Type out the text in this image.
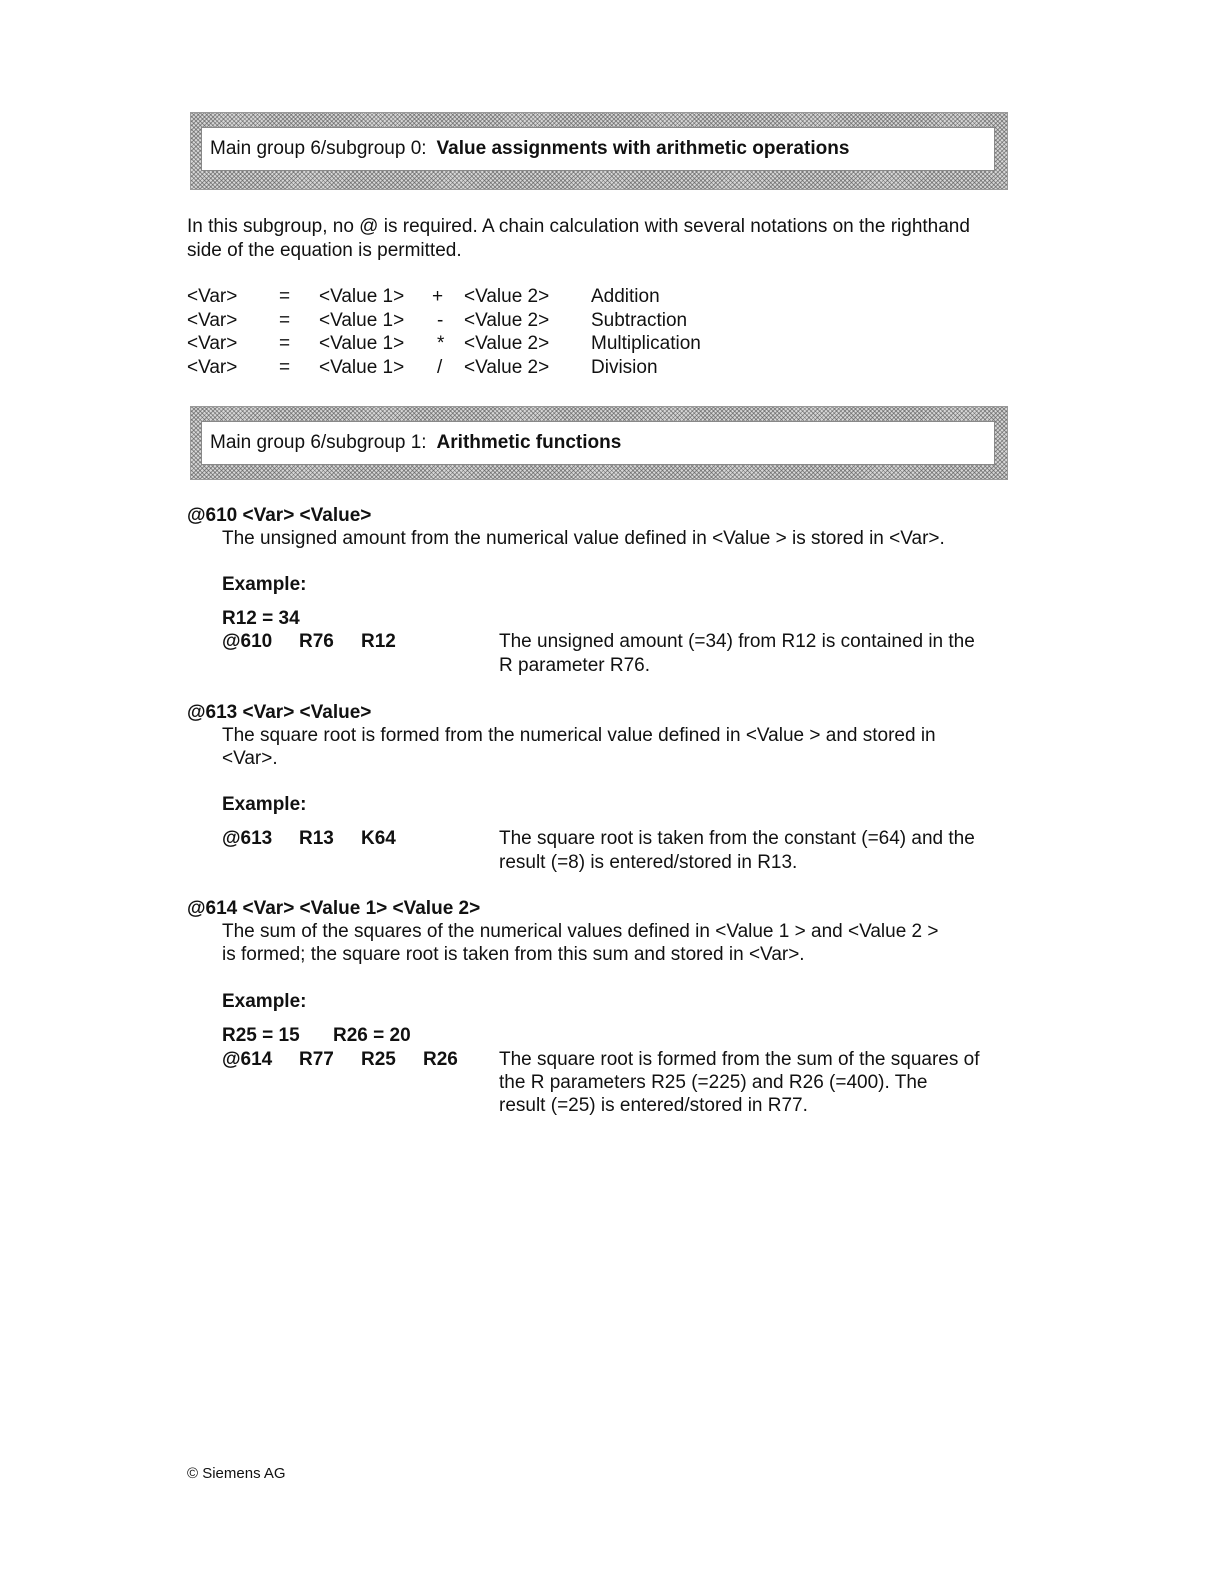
Main group 6/subgroup 0: Value assignments with arithmetic operations
In this subgroup, no @ is required. A chain calculation with several notations on the righthand
side of the equation is permitted.
<Var> = <Value 1> + <Value 2> Addition
<Var> = <Value 1> - <Value 2> Subtraction
<Var> = <Value 1> * <Value 2> Multiplication
<Var> = <Value 1> / <Value 2> Division
Main group 6/subgroup 1: Arithmetic functions
@610 <Var> <Value>
The unsigned amount from the numerical value defined in <Value > is stored in <Var>.
Example:
R12 = 34
@610 R76 R12	The unsigned amount (=34) from R12 is contained in the
R parameter R76.
@613 <Var> <Value>
The square root is formed from the numerical value defined in <Value > and stored in
<Var>.
Example:
@613 R13 K64	The square root is taken from the constant (=64) and the
result (=8) is entered/stored in R13.
@614 <Var> <Value 1> <Value 2>
The sum of the squares of the numerical values defined in <Value 1 > and <Value 2 >
is formed; the square root is taken from this sum and stored in <Var>.
Example:
R25 = 15 R26 = 20
@614 R77 R25 R26 The square root is formed from the sum of the squares of
the R parameters R25 (=225) and R26 (=400). The
result (=25) is entered/stored in R77.
© Siemens AG
